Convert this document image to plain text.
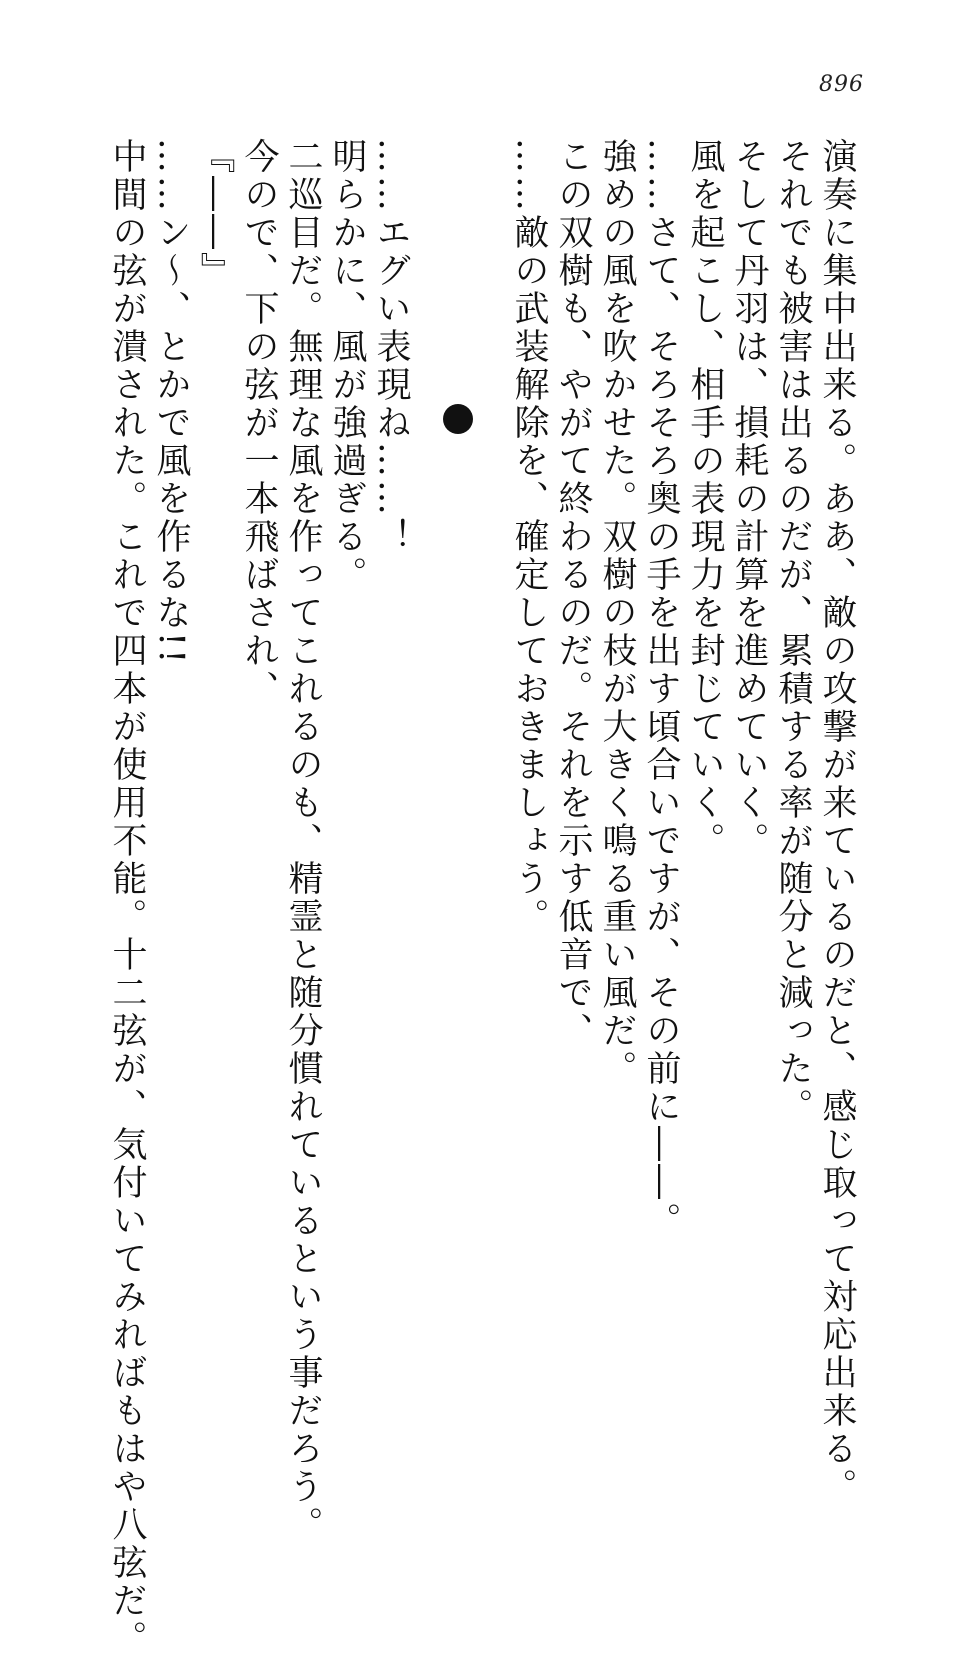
896
演奏に集中出来る。ああ、敵の攻撃が来ているのだと、感じ取って対応出来る。
それでも被害は出るのだが、累積する率が随分と減った。
そして丹羽は、損耗の計算を進めていく。
風を起こし、相手の表現力を封じていく。
……さて、そろそろ奥の手を出す頃合いですが、その前に――。
強めの風を吹かせた。双樹の枝が大きく鳴る重い風だ。
この双樹も、やがて終わるのだ。それを示す低音で、
……敵の武装解除を、確定しておきましょう。
……エグい表現ね……！
明らかに、風が強過ぎる。
二巡目だ。無理な風を作ってこれるのも、精霊と随分慣れているという事だろう。
今ので、下の弦が一本飛ばされ、
『――』
……ン～、とかで風を作るな!!
中間の弦が潰された。これで四本が使用不能。十二弦が、気付いてみればもはや八弦だ。
